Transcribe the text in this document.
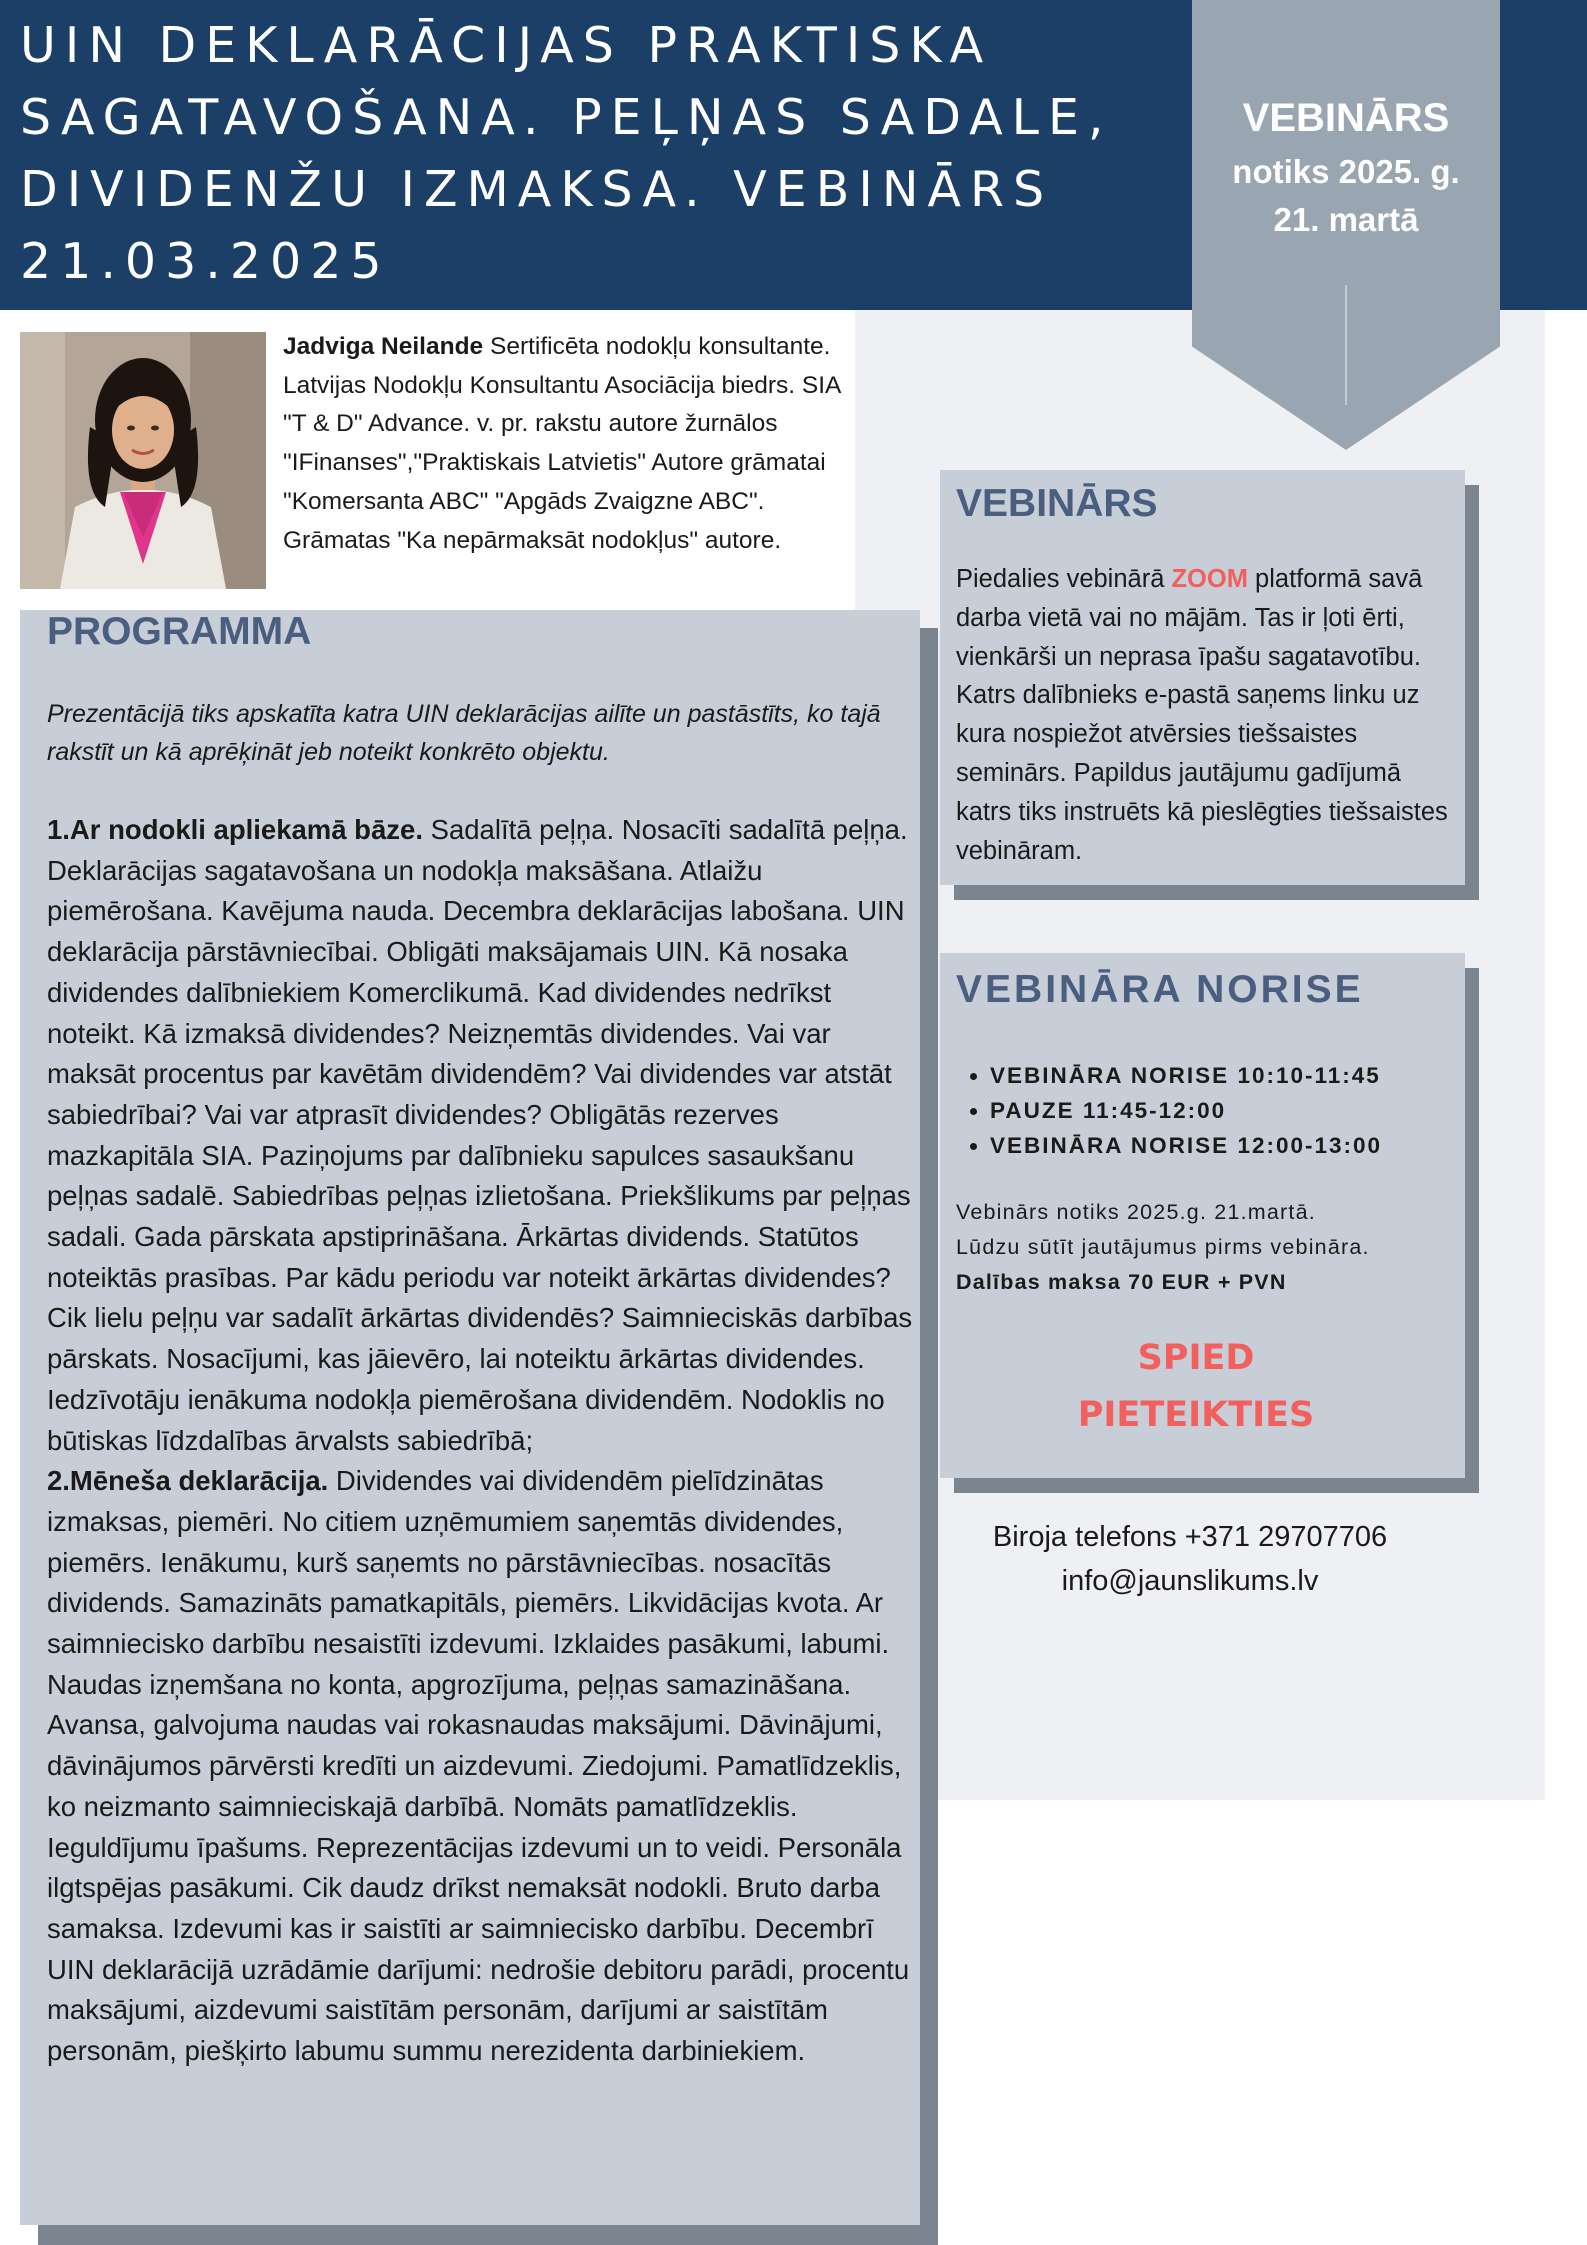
UIN DEKLARĀCIJAS PRAKTISKA SAGATAVOŠANA. PEĻŅAS SADALE, DIVIDENŽU IZMAKSA. VEBINĀRS 21.03.2025
VEBINĀRS
notiks 2025. g.
21. martā

Jadviga Neilande Sertificēta nodokļu konsultante. Latvijas Nodokļu Konsultantu Asociācija biedrs. SIA "T & D" Advance. v. pr. rakstu autore žurnālos "IFinanses","Praktiskais Latvietis" Autore grāmatai "Komersanta ABC" "Apgāds Zvaigzne ABC". Grāmatas "Ka nepārmaksāt nodokļus" autore.

PROGRAMMA

Prezentācijā tiks apskatīta katra UIN deklarācijas ailīte un pastāstīts, ko tajā rakstīt un kā aprēķināt jeb noteikt konkrēto objektu.

1.Ar nodokli apliekamā bāze. Sadalītā peļņa. Nosacīti sadalītā peļņa. Deklarācijas sagatavošana un nodokļa maksāšana. Atlaižu piemērošana. Kavējuma nauda. Decembra deklarācijas labošana. UIN deklarācija pārstāvniecībai. Obligāti maksājamais UIN. Kā nosaka dividendes dalībniekiem Komerclikumā. Kad dividendes nedrīkst noteikt. Kā izmaksā dividendes? Neizņemtās dividendes. Vai var maksāt procentus par kavētām dividendēm? Vai dividendes var atstāt sabiedrībai? Vai var atprasīt dividendes? Obligātās rezerves mazkapitāla SIA. Paziņojums par dalībnieku sapulces sasaukšanu peļņas sadalē. Sabiedrības peļņas izlietošana. Priekšlikums par peļņas sadali. Gada pārskata apstiprināšana. Ārkārtas dividends. Statūtos noteiktās prasības. Par kādu periodu var noteikt ārkārtas dividendes? Cik lielu peļņu var sadalīt ārkārtas dividendēs? Saimnieciskās darbības pārskats. Nosacījumi, kas jāievēro, lai noteiktu ārkārtas dividendes. Iedzīvotāju ienākuma nodokļa piemērošana dividendēm. Nodoklis no būtiskas līdzdalības ārvalsts sabiedrībā;
2.Mēneša deklarācija. Dividendes vai dividendēm pielīdzinātas izmaksas, piemēri. No citiem uzņēmumiem saņemtās dividendes, piemērs. Ienākumu, kurš saņemts no pārstāvniecības. nosacītās dividends. Samazināts pamatkapitāls, piemērs. Likvidācijas kvota. Ar saimniecisko darbību nesaistīti izdevumi. Izklaides pasākumi, labumi. Naudas izņemšana no konta, apgrozījuma, peļņas samazināšana. Avansa, galvojuma naudas vai rokasnaudas maksājumi. Dāvinājumi, dāvinājumos pārvērsti kredīti un aizdevumi. Ziedojumi. Pamatlīdzeklis, ko neizmanto saimnieciskajā darbībā. Nomāts pamatlīdzeklis. Ieguldījumu īpašums. Reprezentācijas izdevumi un to veidi. Personāla ilgtspējas pasākumi. Cik daudz drīkst nemaksāt nodokli. Bruto darba samaksa. Izdevumi kas ir saistīti ar saimniecisko darbību. Decembrī UIN deklarācijā uzrādāmie darījumi: nedrošie debitoru parādi, procentu maksājumi, aizdevumi saistītām personām, darījumi ar saistītām personām, piešķirto labumu summu nerezidenta darbiniekiem.

VEBINĀRS

Piedalies vebinārā ZOOM platformā savā darba vietā vai no mājām. Tas ir ļoti ērti, vienkārši un neprasa īpašu sagatavotību. Katrs dalībnieks e-pastā saņems linku uz kura nospiežot atvērsies tiešsaistes seminārs. Papildus jautājumu gadījumā katrs tiks instruēts kā pieslēgties tiešsaistes vebināram.

VEBINĀRA NORISE
• VEBINĀRA NORISE 10:10-11:45
• PAUZE 11:45-12:00
• VEBINĀRA NORISE 12:00-13:00
Vebinārs notiks 2025.g. 21.martā.
Lūdzu sūtīt jautājumus pirms vebināra.
Dalības maksa 70 EUR + PVN
SPIED
PIETEIKTIES
Biroja telefons +371 29707706
info@jaunslikums.lv
